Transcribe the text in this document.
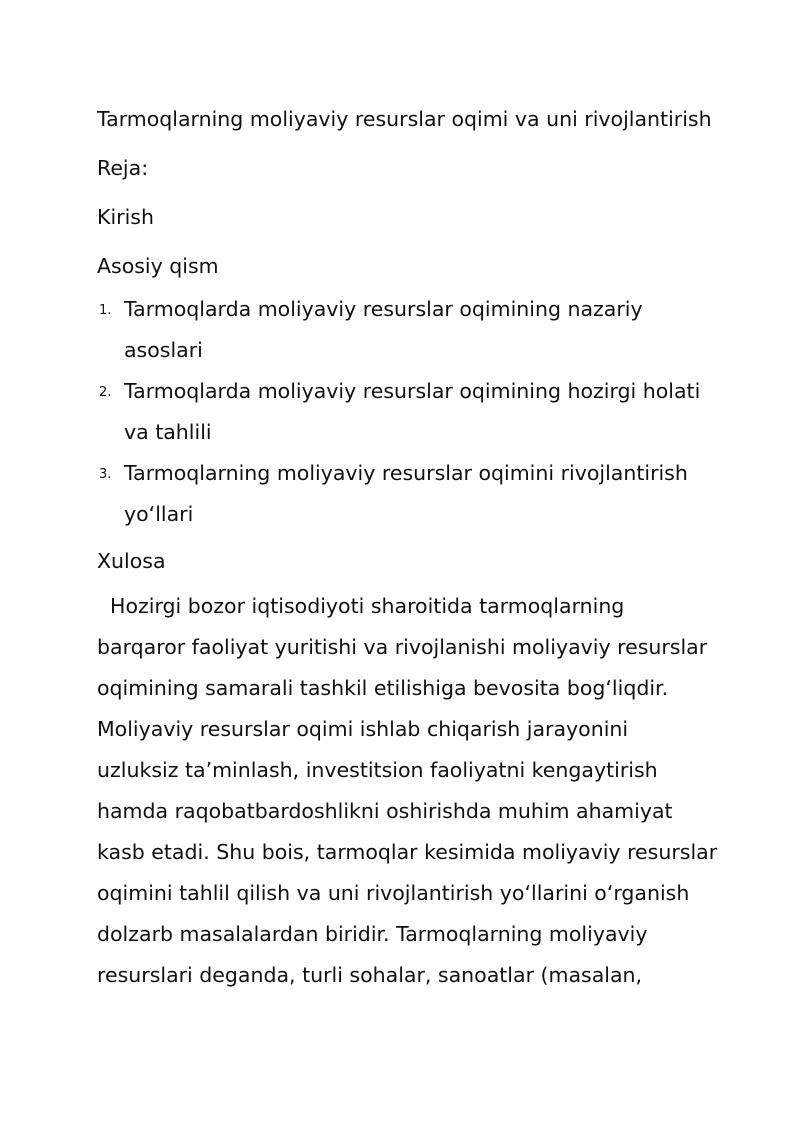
Tarmoqlarning moliyaviy resurslar oqimi va uni rivojlantirish
Reja:
Kirish
Asosiy qism
1. Tarmoqlarda moliyaviy resurslar oqimining nazariy
asoslari
2. Tarmoqlarda moliyaviy resurslar oqimining hozirgi holati
va tahlili
3. Tarmoqlarning moliyaviy resurslar oqimini rivojlantirish
yo‘llari
Xulosa
Hozirgi bozor iqtisodiyoti sharoitida tarmoqlarning
barqaror faoliyat yuritishi va rivojlanishi moliyaviy resurslar
oqimining samarali tashkil etilishiga bevosita bog‘liqdir.
Moliyaviy resurslar oqimi ishlab chiqarish jarayonini
uzluksiz ta’minlash, investitsion faoliyatni kengaytirish
hamda raqobatbardoshlikni oshirishda muhim ahamiyat
kasb etadi. Shu bois, tarmoqlar kesimida moliyaviy resurslar
oqimini tahlil qilish va uni rivojlantirish yo‘llarini o‘rganish
dolzarb masalalardan biridir. Tarmoqlarning moliyaviy
resurslari deganda, turli sohalar, sanoatlar (masalan,
